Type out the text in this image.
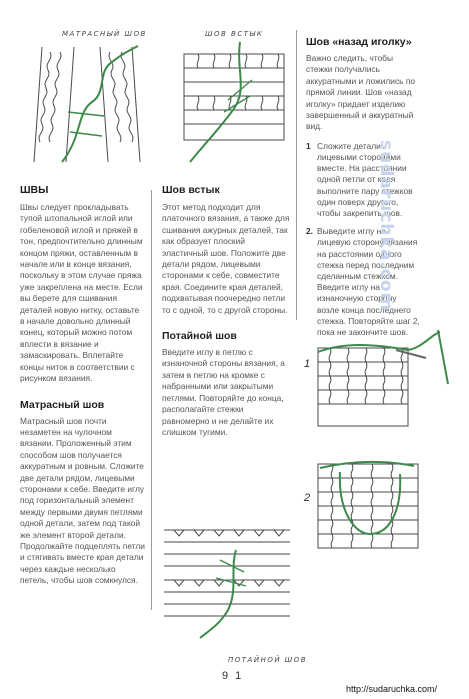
МАТРАСНЫЙ ШОВ	ШОВ ВСТЫК

ШВЫ

Швы следует прокладывать тупой штопальной иглой или гобеленовой иглой и пряжей в тон, предпочтительно длинным концом пряжи, оставленным в начале или в конце вязания, поскольку в этом случае пряжа уже закреплена на месте. Если вы берете для сшивания деталей новую нитку, оставьте в начале довольно длинный конец, который можно потом вплести в вязание и замаскировать. Вплетайте концы ниток в соответствии с рисунком вязания.

Матрасный шов

Матрасный шов почти незаметен на чулочном вязании. Проложенный этим способом шов получается аккуратным и ровным. Сложите две детали рядом, лицевыми сторонами к себе. Введите иглу под горизонтальный элемент между первыми двумя петлями одной детали, затем под такой же элемент второй детали. Продолжайте подцеплять петли и стягивать вместе края детали через каждые несколько петель, чтобы шов сомкнулся.

Шов встык

Этот метод подходит для платочного вязания, а также для сшивания ажурных деталей, так как образует плоский эластичный шов. Положите две детали рядом, лицевыми сторонами к себе, совместите края. Соедините края деталей, подхватывая поочередно петли то с одной, то с другой стороны.

Потайной шов

Введите иглу в петлю с изнаночной стороны вязания, а затем в петлю на кромке с набранными или закрытыми петлями. Повторяйте до конца, располагайте стежки равномерно и не делайте их слишком тугими.

ПОТАЙНОЙ ШОВ

Шов «назад иголку»

Важно следить, чтобы стежки получались аккуратными и ложились по прямой линии. Шов «назад иголку» придает изделию завершенный и аккуратный вид.

1 Сложите детали лицевыми сторонами вместе. На расстоянии одной петли от края выполните пару стежков один поверх другого, чтобы закрепить шов.
2. Выведите иглу на лицевую сторону вязания на расстоянии одного стежка перед последним сделанным стежком. Введите иглу на изнаночную сторону возле конца последнего стежка. Повторяйте шаг 2, пока не закончите шов.
sudaruchka.com
1
2
9 1
http://sudaruchka.com/
